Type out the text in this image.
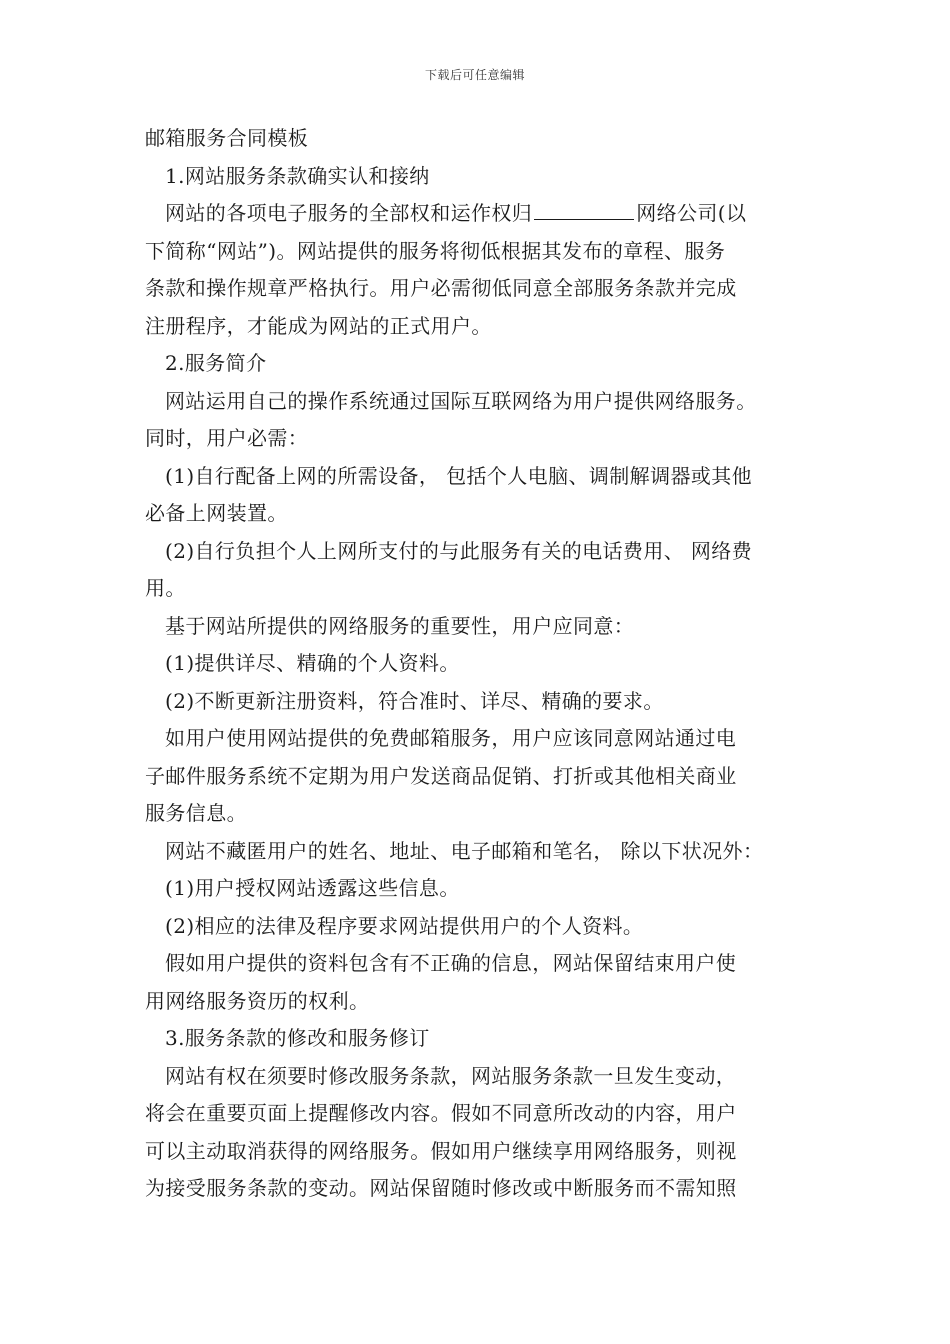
下载后可任意编辑
邮箱服务合同模板
1.网站服务条款确实认和接纳
网站的各项电子服务的全部权和运作权归	网络公司(以
下简称“网站”)。网站提供的服务将彻低根据其发布的章程、服务
条款和操作规章严格执行。用户必需彻低同意全部服务条款并完成
注册程序，才能成为网站的正式用户。
2.服务简介
网站运用自己的操作系统通过国际互联网络为用户提供网络服务。
同时，用户必需：
(1)自行配备上网的所需设备， 包括个人电脑、调制解调器或其他
必备上网装置。
(2)自行负担个人上网所支付的与此服务有关的电话费用、 网络费
用。
基于网站所提供的网络服务的重要性，用户应同意：
(1)提供详尽、精确的个人资料。
(2)不断更新注册资料，符合准时、详尽、精确的要求。
如用户使用网站提供的免费邮箱服务，用户应该同意网站通过电
子邮件服务系统不定期为用户发送商品促销、打折或其他相关商业
服务信息。
网站不藏匿用户的姓名、地址、电子邮箱和笔名， 除以下状况外：
(1)用户授权网站透露这些信息。
(2)相应的法律及程序要求网站提供用户的个人资料。
假如用户提供的资料包含有不正确的信息，网站保留结束用户使
用网络服务资历的权利。
3.服务条款的修改和服务修订
网站有权在须要时修改服务条款，网站服务条款一旦发生变动，
将会在重要页面上提醒修改内容。假如不同意所改动的内容，用户
可以主动取消获得的网络服务。假如用户继续享用网络服务，则视
为接受服务条款的变动。网站保留随时修改或中断服务而不需知照
